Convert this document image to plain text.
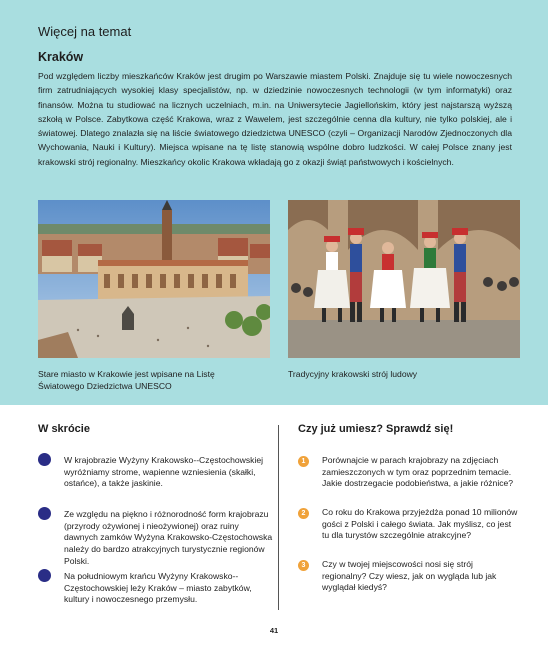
Więcej na temat
Kraków
Pod względem liczby mieszkańców Kraków jest drugim po Warszawie miastem Polski. Znajduje się tu wiele nowoczesnych firm zatrudniających wysokiej klasy specjalistów, np. w dziedzinie nowoczesnych technologii (w tym informatyki) oraz finansów. Można tu studiować na licznych uczelniach, m.in. na Uniwersytecie Jagiellońskim, który jest najstarszą wyższą szkołą w Polsce. Zabytkowa część Krakowa, wraz z Wawelem, jest szczególnie cenna dla kultury, nie tylko polskiej, ale i światowej. Dlatego znalazła się na liście światowego dziedzictwa UNESCO (czyli – Organizacji Narodów Zjednoczonych dla Wychowania, Nauki i Kultury). Miejsca wpisane na tę listę stanowią wspólne dobro ludzkości. W całej Polsce znany jest krakowski strój regionalny. Mieszkańcy okolic Krakowa wkładają go z okazji świąt państwowych i kościelnych.
Stare miasto w Krakowie jest wpisane na Listę Światowego Dziedzictwa UNESCO
Tradycyjny krakowski strój ludowy
W skrócie
W krajobrazie Wyżyny Krakowsko--Częstochowskiej wyróżniamy strome, wapienne wzniesienia (skałki, ostańce), a także jaskinie.
Ze względu na piękno i różnorodność form krajobrazu (przyrody ożywionej i nieożywionej) oraz ruiny dawnych zamków Wyżyna Krakowsko-Częstochowska należy do bardzo atrakcyjnych turystycznie regionów Polski.
Na południowym krańcu Wyżyny Krakowsko--Częstochowskiej leży Kraków – miasto zabytków, kultury i nowoczesnego przemysłu.
Czy już umiesz? Sprawdź się!
1	Porównajcie w parach krajobrazy na zdjęciach zamieszczonych w tym oraz poprzednim temacie. Jakie dostrzegacie podobieństwa, a jakie różnice?
2	Co roku do Krakowa przyjeżdża ponad 10 milionów gości z Polski i całego świata. Jak myślisz, co jest tu dla turystów szczególnie atrakcyjne?
3	Czy w twojej miejscowości nosi się strój regionalny? Czy wiesz, jak on wygląda lub jak wyglądał kiedyś?
41
